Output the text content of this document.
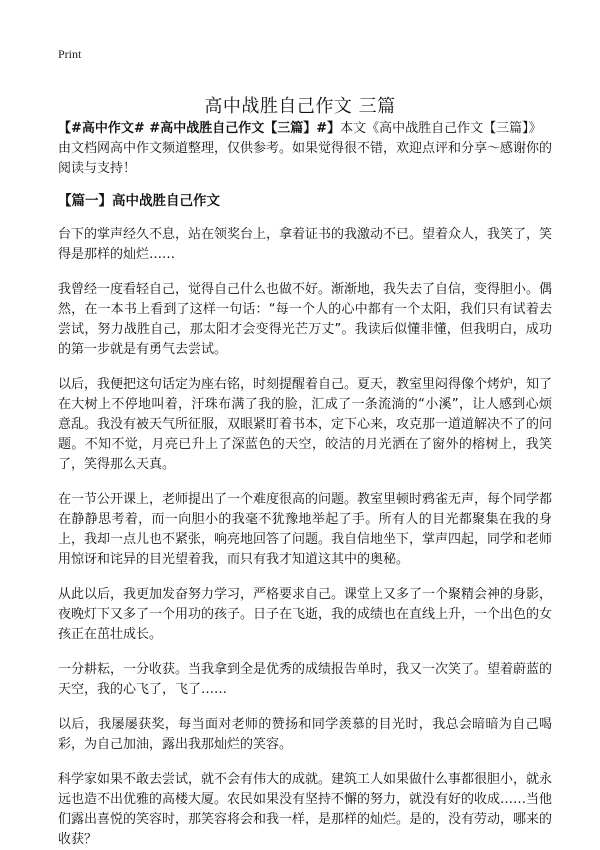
Print
高中战胜自己作文 三篇

【#高中作文# #高中战胜自己作文【三篇】#】本文《高中战胜自己作文【三篇】》由文档网高中作文频道整理，仅供参考。如果觉得很不错，欢迎点评和分享～感谢你的阅读与支持！

【篇一】高中战胜自己作文

台下的掌声经久不息，站在领奖台上，拿着证书的我激动不已。望着众人，我笑了，笑得是那样的灿烂……

我曾经一度看轻自己，觉得自己什么也做不好。渐渐地，我失去了自信，变得胆小。偶然，在一本书上看到了这样一句话：“每一个人的心中都有一个太阳，我们只有试着去尝试，努力战胜自己，那太阳才会变得光芒万丈”。我读后似懂非懂，但我明白，成功的第一步就是有勇气去尝试。

以后，我便把这句话定为座右铭，时刻提醒着自己。夏天，教室里闷得像个烤炉，知了在大树上不停地叫着，汗珠布满了我的脸，汇成了一条流淌的“小溪”，让人感到心烦意乱。我没有被天气所征服，双眼紧盯着书本，定下心来，攻克那一道道解决不了的问题。不知不觉，月亮已升上了深蓝色的天空，皎洁的月光洒在了窗外的榕树上，我笑了，笑得那么天真。

在一节公开课上，老师提出了一个难度很高的问题。教室里顿时鸦雀无声，每个同学都在静静思考着，而一向胆小的我毫不犹豫地举起了手。所有人的目光都聚集在我的身上，我却一点儿也不紧张，响亮地回答了问题。我自信地坐下，掌声四起，同学和老师用惊讶和诧异的目光望着我，而只有我才知道这其中的奥秘。

从此以后，我更加发奋努力学习，严格要求自己。课堂上又多了一个聚精会神的身影，夜晚灯下又多了一个用功的孩子。日子在飞逝，我的成绩也在直线上升，一个出色的女孩正在茁壮成长。

一分耕耘，一分收获。当我拿到全是优秀的成绩报告单时，我又一次笑了。望着蔚蓝的天空，我的心飞了，飞了……

以后，我屡屡获奖，每当面对老师的赞扬和同学羡慕的目光时，我总会暗暗为自己喝彩，为自己加油，露出我那灿烂的笑容。

科学家如果不敢去尝试，就不会有伟大的成就。建筑工人如果做什么事都很胆小，就永远也造不出优雅的高楼大厦。农民如果没有坚持不懈的努力，就没有好的收成……当他们露出喜悦的笑容时，那笑容将会和我一样，是那样的灿烂。是的，没有劳动，哪来的收获？
